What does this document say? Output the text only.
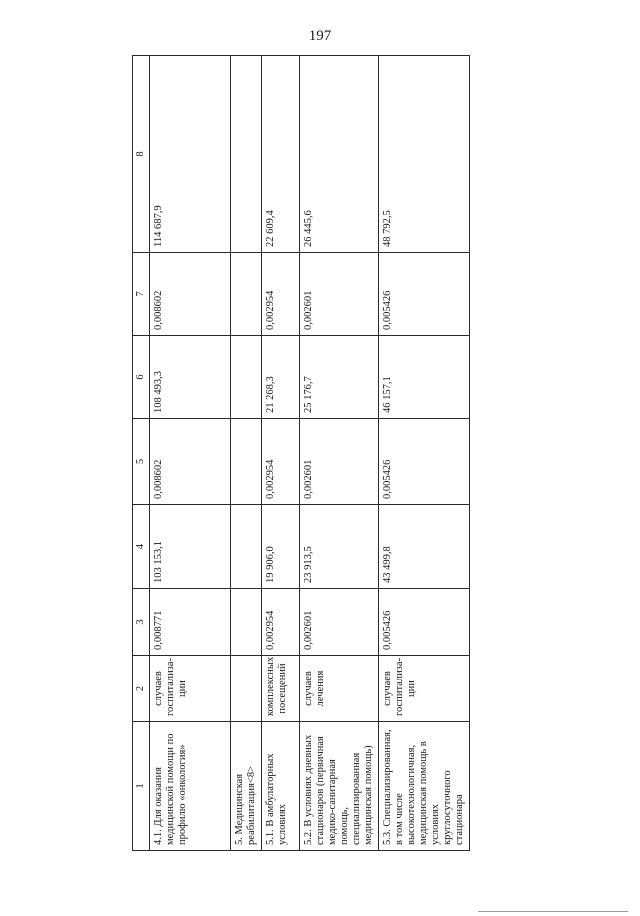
197
1	2	3	4	5	6	7	8
4.1. Для оказания медицинской помощи по профилю «онкология»	случаев госпитализа-ции	0,008771	103 153,1	0,008602	108 493,3	0,008602	114 687,9
5. Медицинская реабилитация<8>							
5.1. В амбулаторных условиях	комплексных посещений	0,002954	19 906,0	0,002954	21 268,3	0,002954	22 609,4
5.2. В условиях дневных стационаров (первичная медико-санитарная помощь, специализированная медицинская помощь)	случаев лечения	0,002601	23 913,5	0,002601	25 176,7	0,002601	26 445,6
5.3. Специализированная, в том числе высокотехнологичная, медицинская помощь в условиях круглосуточного стационара	случаев госпитализа-ции	0,005426	43 499,8	0,005426	46 157,1	0,005426	48 792,5
